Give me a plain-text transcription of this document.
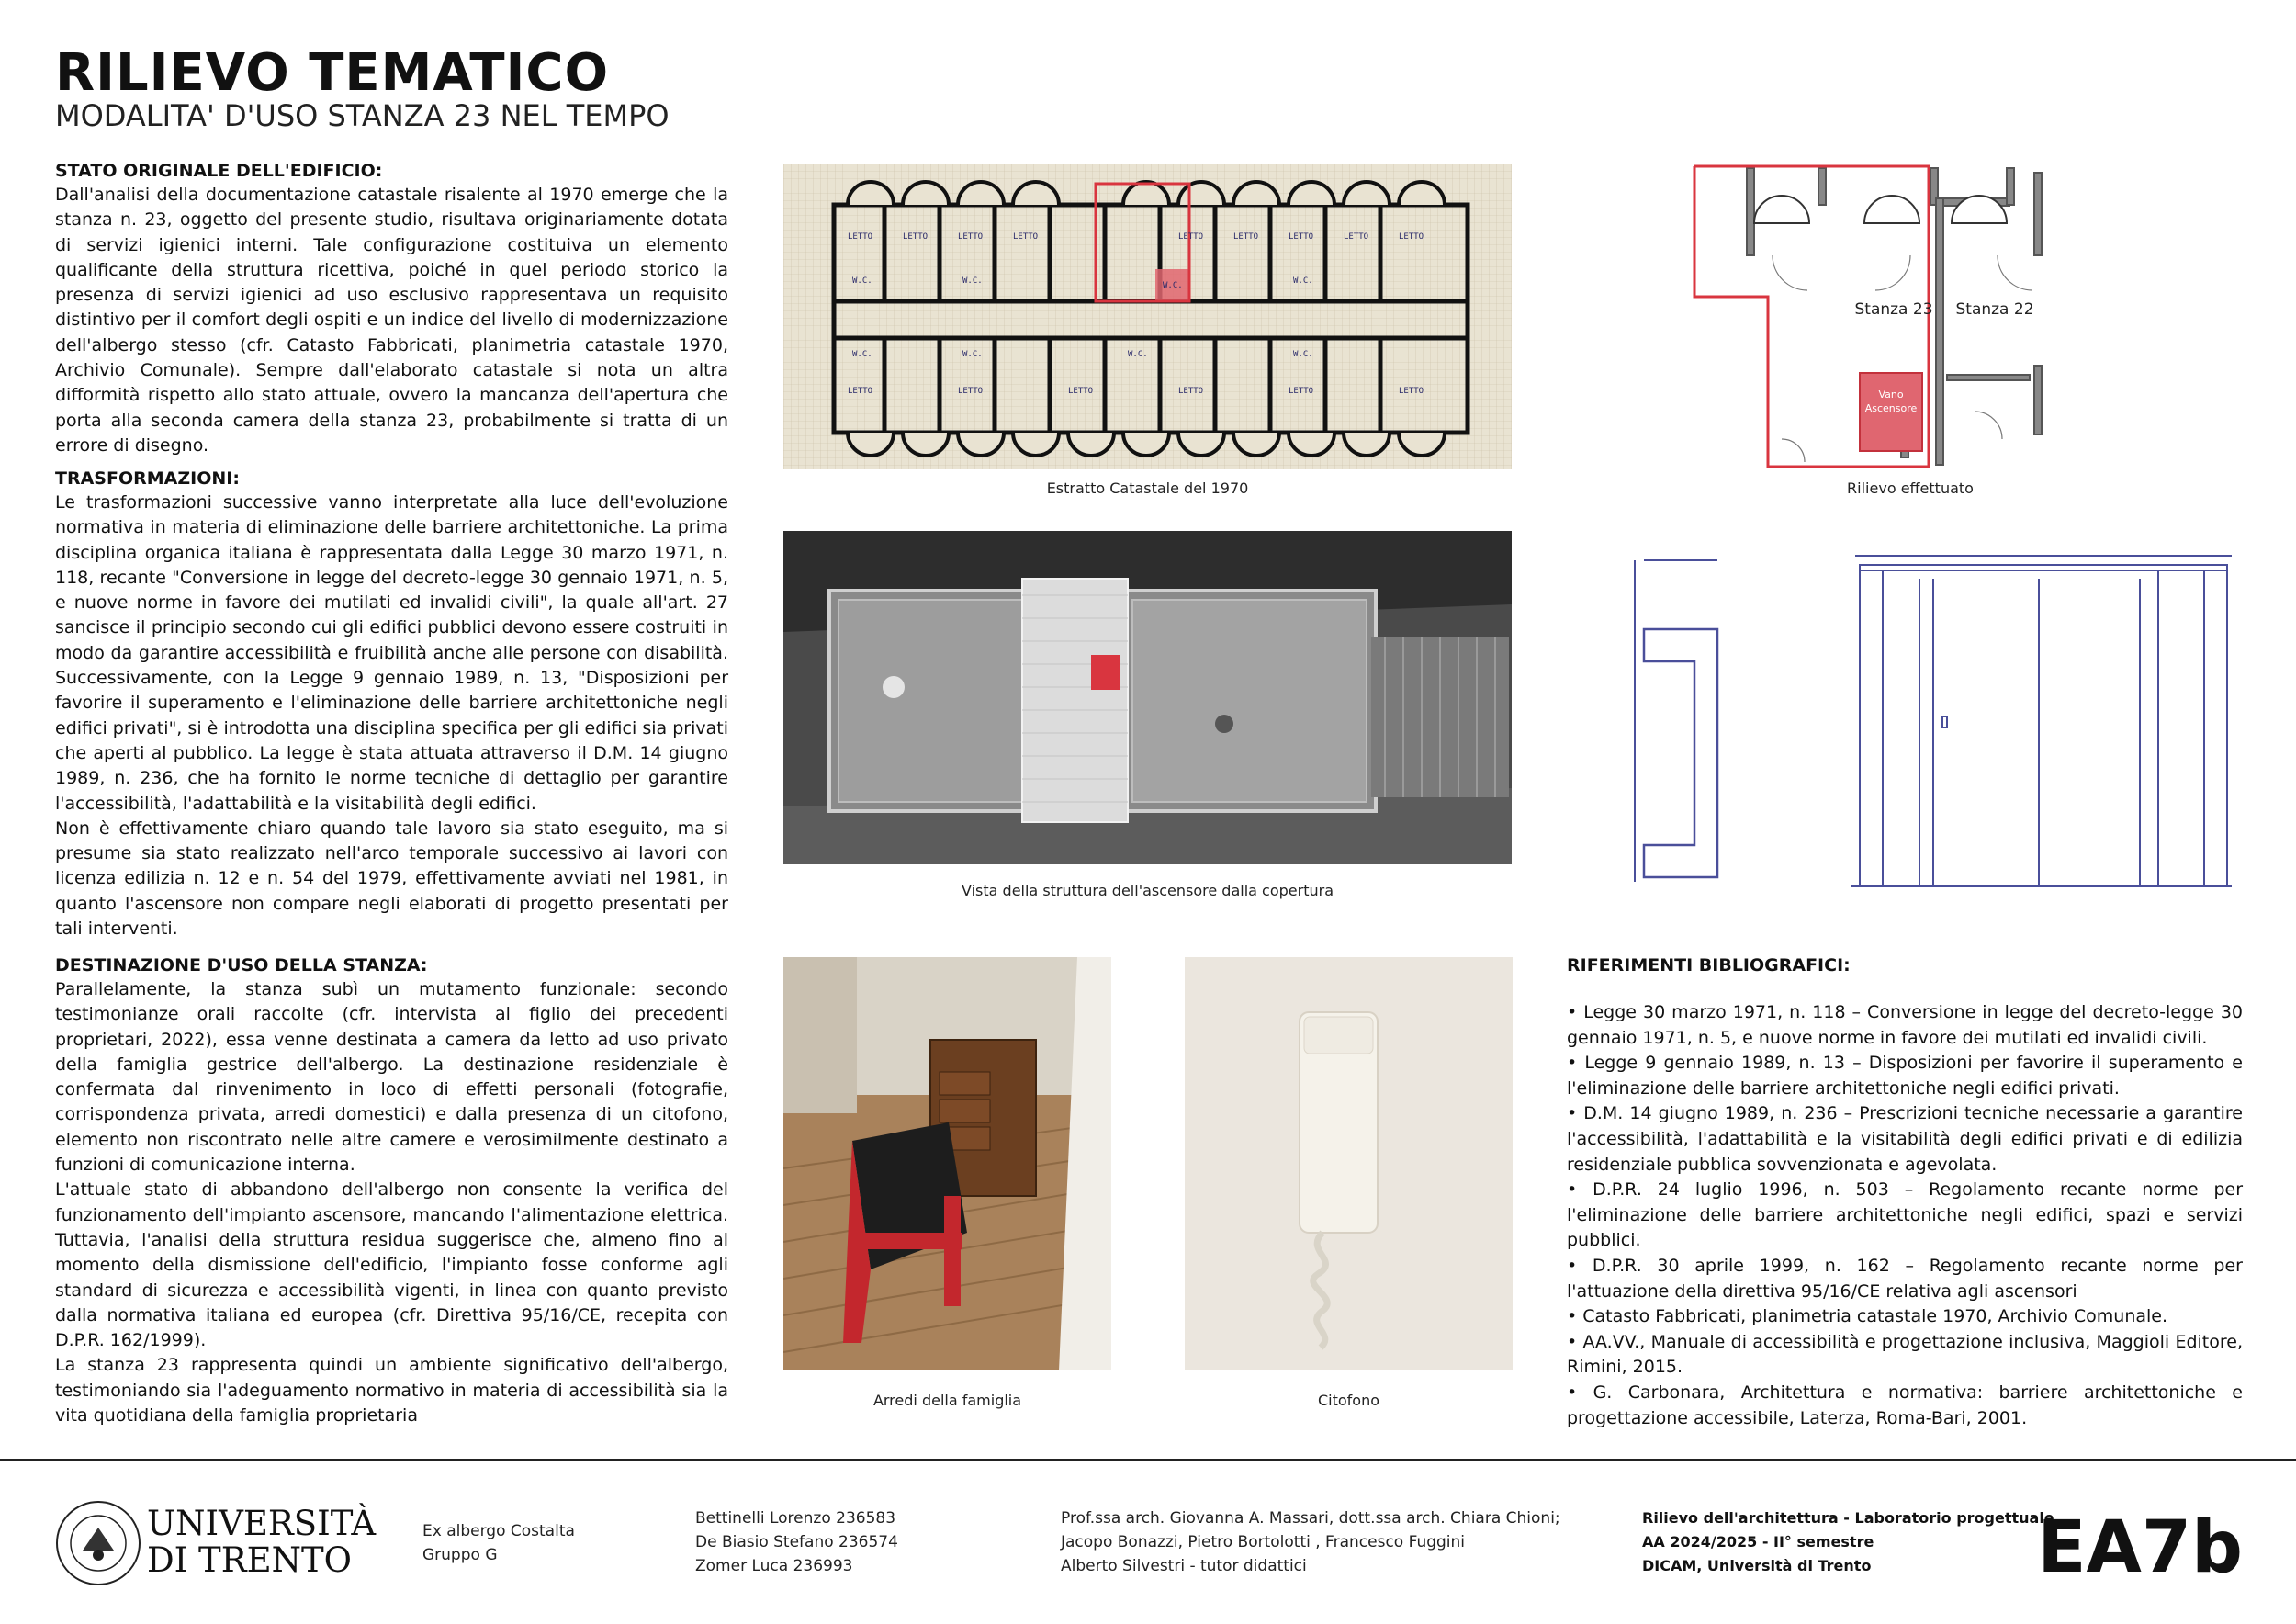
RILIEVO TEMATICO
MODALITA' D'USO STANZA 23 NEL TEMPO
STATO ORIGINALE DELL'EDIFICIO:
Dall'analisi della documentazione catastale risalente al 1970 emerge che la stanza n. 23, oggetto del presente studio, risultava originariamente dotata di servizi igienici interni. Tale configurazione costituiva un elemento qualificante della struttura ricettiva, poiché in quel periodo storico la presenza di servizi igienici ad uso esclusivo rappresentava un requisito distintivo per il comfort degli ospiti e un indice del livello di modernizzazione dell'albergo stesso (cfr. Catasto Fabbricati, planimetria catastale 1970, Archivio Comunale). Sempre dall'elaborato catastale si nota un altra difformità rispetto allo stato attuale, ovvero la mancanza dell'apertura che porta alla seconda camera della stanza 23, probabilmente si tratta di un errore di disegno.
TRASFORMAZIONI:

Le trasformazioni successive vanno interpretate alla luce dell'evoluzione normativa in materia di eliminazione delle barriere architettoniche. La prima disciplina organica italiana è rappresentata dalla Legge 30 marzo 1971, n. 118, recante "Conversione in legge del decreto-legge 30 gennaio 1971, n. 5, e nuove norme in favore dei mutilati ed invalidi civili", la quale all'art. 27 sancisce il principio secondo cui gli edifici pubblici devono essere costruiti in modo da garantire accessibilità e fruibilità anche alle persone con disabilità. Successivamente, con la Legge 9 gennaio 1989, n. 13, "Disposizioni per favorire il superamento e l'eliminazione delle barriere architettoniche negli edifici privati", si è introdotta una disciplina specifica per gli edifici sia privati che aperti al pubblico. La legge è stata attuata attraverso il D.M. 14 giugno 1989, n. 236, che ha fornito le norme tecniche di dettaglio per garantire l'accessibilità, l'adattabilità e la visitabilità degli edifici.

Non è effettivamente chiaro quando tale lavoro sia stato eseguito, ma si presume sia stato realizzato nell'arco temporale successivo ai lavori con licenza edilizia n. 12 e n. 54 del 1979, effettivamente avviati nel 1981, in quanto l'ascensore non compare negli elaborati di progetto presentati per tali interventi.

DESTINAZIONE D'USO DELLA STANZA:

Parallelamente, la stanza subì un mutamento funzionale: secondo testimonianze orali raccolte (cfr. intervista al figlio dei precedenti proprietari, 2022), essa venne destinata a camera da letto ad uso privato della famiglia gestrice dell'albergo. La destinazione residenziale è confermata dal rinvenimento in loco di effetti personali (fotografie, corrispondenza privata, arredi domestici) e dalla presenza di un citofono, elemento non riscontrato nelle altre camere e verosimilmente destinato a funzioni di comunicazione interna.

L'attuale stato di abbandono dell'albergo non consente la verifica del funzionamento dell'impianto ascensore, mancando l'alimentazione elettrica. Tuttavia, l'analisi della struttura residua suggerisce che, almeno fino al momento della dismissione dell'edificio, l'impianto fosse conforme agli standard di sicurezza e accessibilità vigenti, in linea con quanto previsto dalla normativa italiana ed europea (cfr. Direttiva 95/16/CE, recepita con D.P.R. 162/1999).

La stanza 23 rappresenta quindi un ambiente significativo dell'albergo, testimoniando sia l'adeguamento normativo in materia di accessibilità sia la vita quotidiana della famiglia proprietaria

LETTO	LETTO	LETTO	LETTO	LETTO	LETTO	LETTO	LETTO	LETTO
W.C.	W.C.	W.C.	W.C.
W.C.	W.C.	W.C.	W.C.
LETTO	LETTO	LETTO	LETTO	LETTO	LETTO
Estratto Catastale del 1970
Stanza 23 Stanza 22
Vano Ascensore
Rilievo effettuato
Vista della struttura dell'ascensore dalla copertura
Arredi della famiglia	Citofono
RIFERIMENTI BIBLIOGRAFICI:

• Legge 30 marzo 1971, n. 118 – Conversione in legge del decreto-legge 30 gennaio 1971, n. 5, e nuove norme in favore dei mutilati ed invalidi civili.

• Legge 9 gennaio 1989, n. 13 – Disposizioni per favorire il superamento e l'eliminazione delle barriere architettoniche negli edifici privati.

• D.M. 14 giugno 1989, n. 236 – Prescrizioni tecniche necessarie a garantire l'accessibilità, l'adattabilità e la visitabilità degli edifici privati e di edilizia residenziale pubblica sovvenzionata e agevolata.

• D.P.R. 24 luglio 1996, n. 503 – Regolamento recante norme per l'eliminazione delle barriere architettoniche negli edifici, spazi e servizi pubblici.

• D.P.R. 30 aprile 1999, n. 162 – Regolamento recante norme per l'attuazione della direttiva 95/16/CE relativa agli ascensori

• Catasto Fabbricati, planimetria catastale 1970, Archivio Comunale.

• AA.VV., Manuale di accessibilità e progettazione inclusiva, Maggioli Editore, Rimini, 2015.

• G. Carbonara, Architettura e normativa: barriere architettoniche e progettazione accessibile, Laterza, Roma-Bari, 2001.

UNIVERSITÀ
DI TRENTO
Ex albergo Costalta
Gruppo G
Bettinelli Lorenzo 236583
De Biasio Stefano 236574
Zomer Luca 236993
Prof.ssa arch. Giovanna A. Massari, dott.ssa arch. Chiara Chioni;
Jacopo Bonazzi, Pietro Bortolotti , Francesco Fuggini
Alberto Silvestri - tutor didattici
Rilievo dell'architettura - Laboratorio progettuale
AA 2024/2025 - II° semestre
DICAM, Università di Trento	EA7b
